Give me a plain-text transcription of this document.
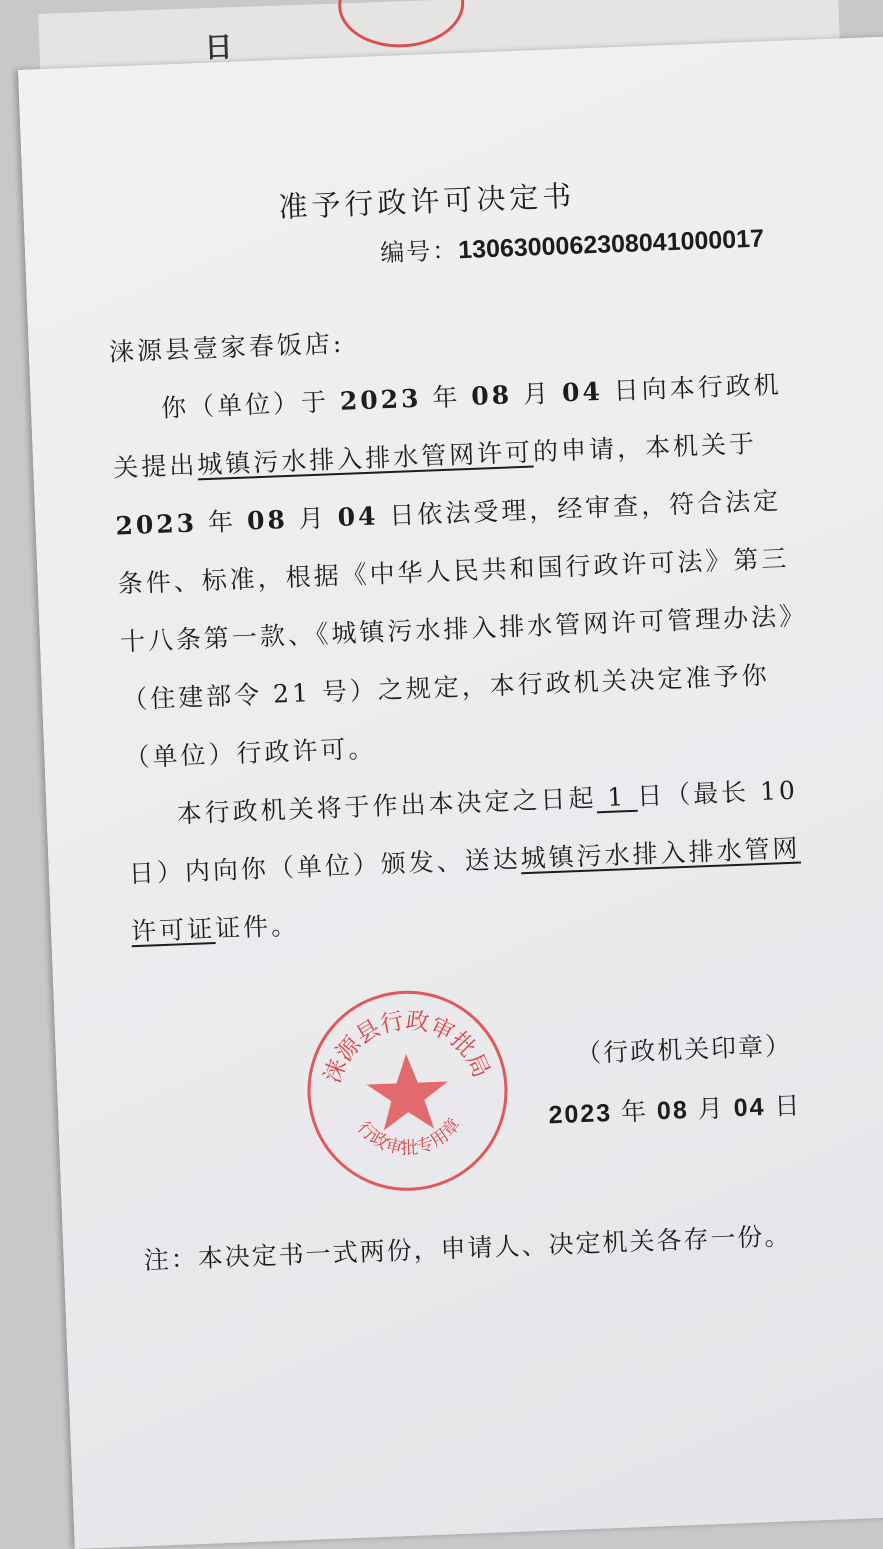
日
准予行政许可决定书
编号：1306300062308041000017

涞源县壹家春饭店:

你（单位）于 2023 年 08 月 04 日向本行政机关提出城镇污水排入排水管网许可的申请，本机关于 2023 年 08 月 04 日依法受理，经审查，符合法定条件、标准，根据《中华人民共和国行政许可法》第三十八条第一款、《城镇污水排入排水管网许可管理办法》（住建部令 21 号）之规定，本行政机关决定准予你（单位）行政许可。

本行政机关将于作出本决定之日起 1 日（最长 10 日）内向你（单位）颁发、送达城镇污水排入排水管网许可证证件。

涞源县行政审批局
行政审批专用章
（行政机关印章）
2023 年 08 月 04 日
注：本决定书一式两份，申请人、决定机关各存一份。
